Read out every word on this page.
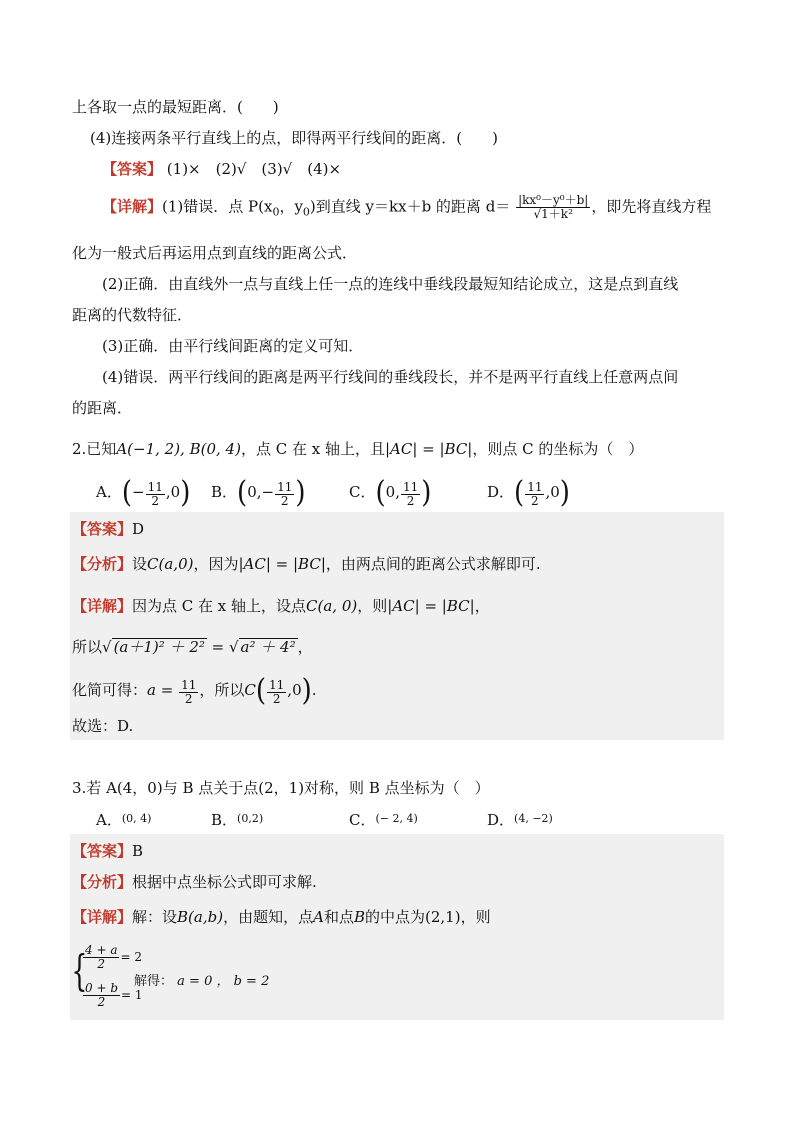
上各取一点的最短距离．(　　)
(4)连接两条平行直线上的点，即得两平行线间的距离．(　　)
【答案】 (1)×　(2)√　(3)√　(4)×
【详解】(1)错误．点 $P(x_0$，$y_0$)到直线 y＝kx＋b 的距离 $d= \frac{\text{|kx⁰－y⁰＋b|}}{\text{√1＋k²}}$ ，即先将直线方程
化为一般式后再运用点到直线的距离公式．
(2)正确．由直线外一点与直线上任一点的连线中垂线段最短知结论成立，这是点到直线
距离的代数特征．
(3)正确．由平行线间距离的定义可知．
(4)错误．两平行线间的距离是两平行线间的垂线段长，并不是两平行直线上任意两点间
的距离．
2.已知A(−1, 2), B(0, 4)，点 C 在 x 轴上，且|AC| = |BC|，则点 C 的坐标为（　）
A．(− $\frac{11}{2} ,0$) B．($0,- \frac{11}{2}$ )	C．(0, $\frac{11}{2}$ )	D．( $\frac{11}{2} ,0$)
【答案】D
【分析】设C(a,0)，因为|AC| = |BC|，由两点间的距离公式求解即可.
【详解】因为点 C 在 x 轴上，设点C(a, 0)，则|AC| = |BC|，
所以√ (a＋1)² ＋ 2² = √ a² ＋ 4² ，
化简可得：$a = \frac{11}{2}$ ，所以$C( \frac{11}{2} ,0)$.
故选：D.
3.若 A(4，0)与 B 点关于点(2，1)对称，则 B 点坐标为（　）
A．$^{(0, 4)}$	B．$^{(0,2)}$	C．$^{(- 2, 4)}$	D．$^{(4, -2)}$
【答案】B
【分析】根据中点坐标公式即可求解.
【详解】解：设B(a,b)，由题知，点A和点B的中点为(2,1)，则
{
$\frac{4 + a}{2} = 2$
$\frac{0 + b}{2} = 1$
解得： a = 0 ， b = 2
